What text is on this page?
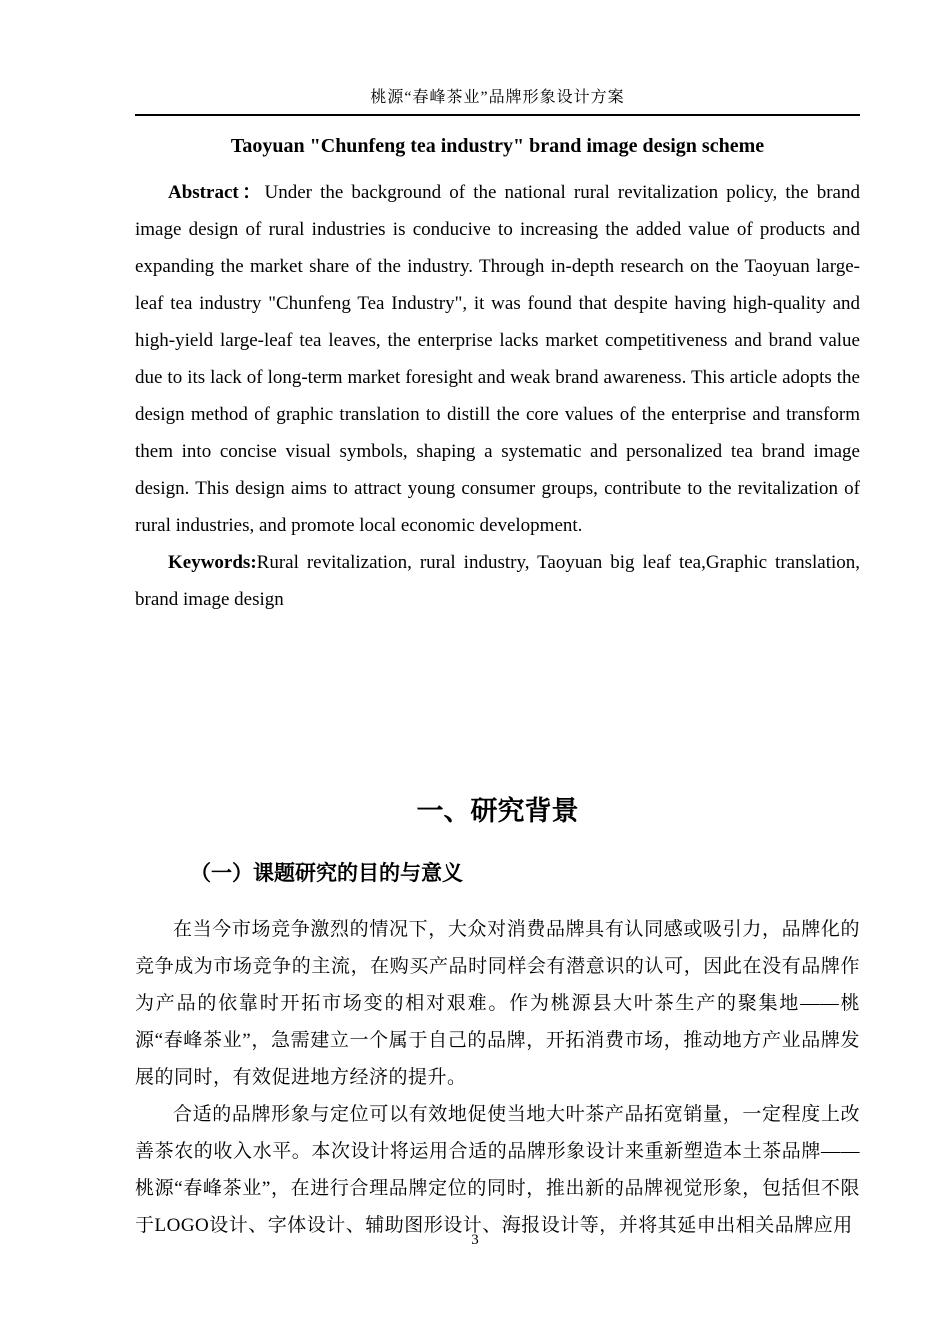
桃源“春峰茶业”品牌形象设计方案
Taoyuan "Chunfeng tea industry" brand image design scheme

Abstract：Under the background of the national rural revitalization policy, the brand image design of rural industries is conducive to increasing the added value of products and expanding the market share of the industry. Through in-depth research on the Taoyuan large-leaf tea industry "Chunfeng Tea Industry", it was found that despite having high-quality and high-yield large-leaf tea leaves, the enterprise lacks market competitiveness and brand value due to its lack of long-term market foresight and weak brand awareness. This article adopts the design method of graphic translation to distill the core values of the enterprise and transform them into concise visual symbols, shaping a systematic and personalized tea brand image design. This design aims to attract young consumer groups, contribute to the revitalization of rural industries, and promote local economic development.

Keywords:Rural revitalization, rural industry, Taoyuan big leaf tea,Graphic translation, brand image design

一、研究背景
（一）课题研究的目的与意义

在当今市场竞争激烈的情况下，大众对消费品牌具有认同感或吸引力，品牌化的竞争成为市场竞争的主流，在购买产品时同样会有潜意识的认可，因此在没有品牌作为产品的依靠时开拓市场变的相对艰难。作为桃源县大叶茶生产的聚集地——桃源“春峰茶业”，急需建立一个属于自己的品牌，开拓消费市场，推动地方产业品牌发展的同时，有效促进地方经济的提升。

合适的品牌形象与定位可以有效地促使当地大叶茶产品拓宽销量，一定程度上改善茶农的收入水平。本次设计将运用合适的品牌形象设计来重新塑造本土茶品牌——桃源“春峰茶业”，在进行合理品牌定位的同时，推出新的品牌视觉形象，包括但不限于LOGO设计、字体设计、辅助图形设计、海报设计等，并将其延申出相关品牌应用

3
